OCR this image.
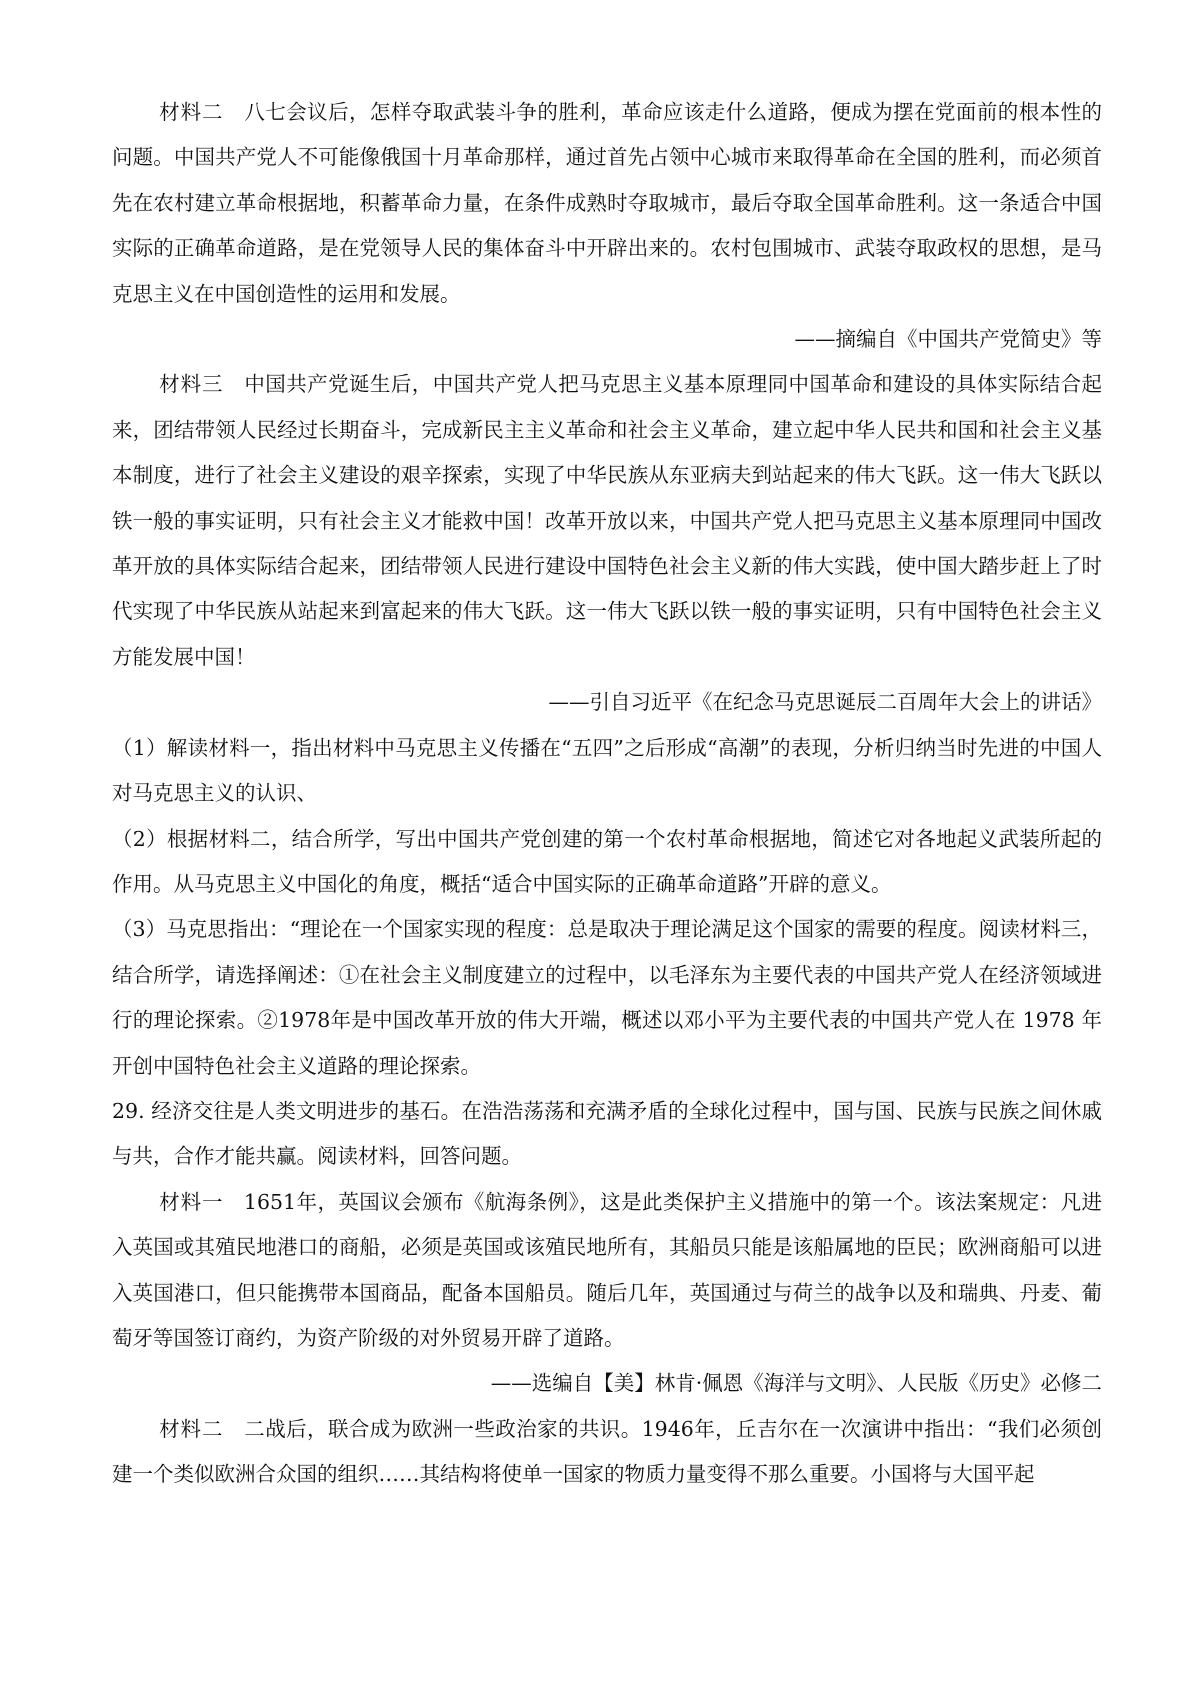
材料二  八七会议后，怎样夺取武装斗争的胜利，革命应该走什么道路，便成为摆在党面前的根本性的问题。中国共产党人不可能像俄国十月革命那样，通过首先占领中心城市来取得革命在全国的胜利，而必须首先在农村建立革命根据地，积蓄革命力量，在条件成熟时夺取城市，最后夺取全国革命胜利。这一条适合中国实际的正确革命道路，是在党领导人民的集体奋斗中开辟出来的。农村包围城市、武装夺取政权的思想，是马克思主义在中国创造性的运用和发展。

——摘编自《中国共产党简史》等

材料三  中国共产党诞生后，中国共产党人把马克思主义基本原理同中国革命和建设的具体实际结合起来，团结带领人民经过长期奋斗，完成新民主主义革命和社会主义革命，建立起中华人民共和国和社会主义基本制度，进行了社会主义建设的艰辛探索，实现了中华民族从东亚病夫到站起来的伟大飞跃。这一伟大飞跃以铁一般的事实证明，只有社会主义才能救中国！改革开放以来，中国共产党人把马克思主义基本原理同中国改革开放的具体实际结合起来，团结带领人民进行建设中国特色社会主义新的伟大实践，使中国大踏步赶上了时代实现了中华民族从站起来到富起来的伟大飞跃。这一伟大飞跃以铁一般的事实证明，只有中国特色社会主义方能发展中国！

——引自习近平《在纪念马克思诞辰二百周年大会上的讲话》

（1）解读材料一，指出材料中马克思主义传播在“五四”之后形成“高潮”的表现，分析归纳当时先进的中国人对马克思主义的认识、

（2）根据材料二，结合所学，写出中国共产党创建的第一个农村革命根据地，简述它对各地起义武装所起的作用。从马克思主义中国化的角度，概括“适合中国实际的正确革命道路”开辟的意义。

（3）马克思指出：“理论在一个国家实现的程度：总是取决于理论满足这个国家的需要的程度。阅读材料三，结合所学，请选择阐述：①在社会主义制度建立的过程中，以毛泽东为主要代表的中国共产党人在经济领域进行的理论探索。②1978年是中国改革开放的伟大开端，概述以邓小平为主要代表的中国共产党人在 1978 年开创中国特色社会主义道路的理论探索。

29. 经济交往是人类文明进步的基石。在浩浩荡荡和充满矛盾的全球化过程中，国与国、民族与民族之间休戚与共，合作才能共赢。阅读材料，回答问题。

材料一  1651年，英国议会颁布《航海条例》，这是此类保护主义措施中的第一个。该法案规定：凡进入英国或其殖民地港口的商船，必须是英国或该殖民地所有，其船员只能是该船属地的臣民；欧洲商船可以进入英国港口，但只能携带本国商品，配备本国船员。随后几年，英国通过与荷兰的战争以及和瑞典、丹麦、葡萄牙等国签订商约，为资产阶级的对外贸易开辟了道路。

——选编自【美】林肯·佩恩《海洋与文明》、人民版《历史》必修二

材料二  二战后，联合成为欧洲一些政治家的共识。1946年，丘吉尔在一次演讲中指出：“我们必须创建一个类似欧洲合众国的组织……其结构将使单一国家的物质力量变得不那么重要。小国将与大国平起
